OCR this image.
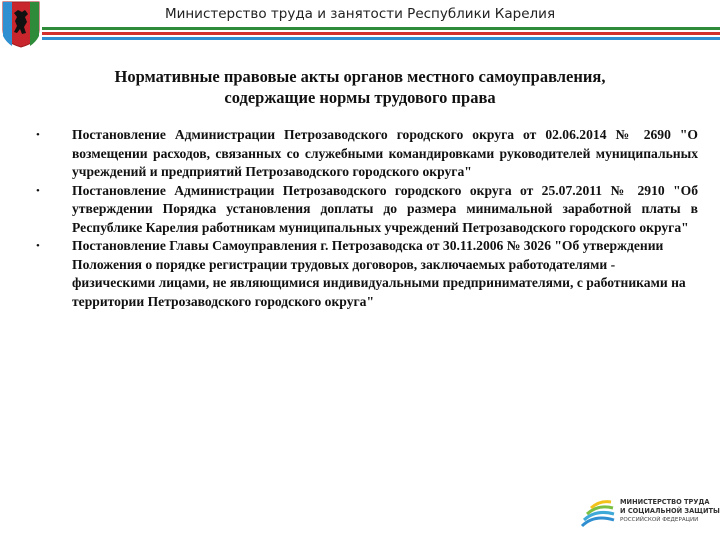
Министерство труда и занятости Республики Карелия
Нормативные правовые акты органов местного самоуправления,
содержащие нормы трудового права
• Постановление Администрации Петрозаводского городского округа от 02.06.2014 № 2690 "О возмещении расходов, связанных со служебными командировками руководителей муниципальных учреждений и предприятий Петрозаводского городского округа"
• Постановление Администрации Петрозаводского городского округа от 25.07.2011 № 2910 "Об утверждении Порядка установления доплаты до размера минимальной заработной платы в Республике Карелия работникам муниципальных учреждений Петрозаводского городского округа"
• Постановление Главы Самоуправления г. Петрозаводска от 30.11.2006 № 3026 "Об утверждении Положения о порядке регистрации трудовых договоров, заключаемых работодателями - физическими лицами, не являющимися индивидуальными предпринимателями, с работниками на территории Петрозаводского городского округа"
МИНИСТЕРСТВО ТРУДА
И СОЦИАЛЬНОЙ ЗАЩИТЫ
РОССИЙСКОЙ ФЕДЕРАЦИИ
